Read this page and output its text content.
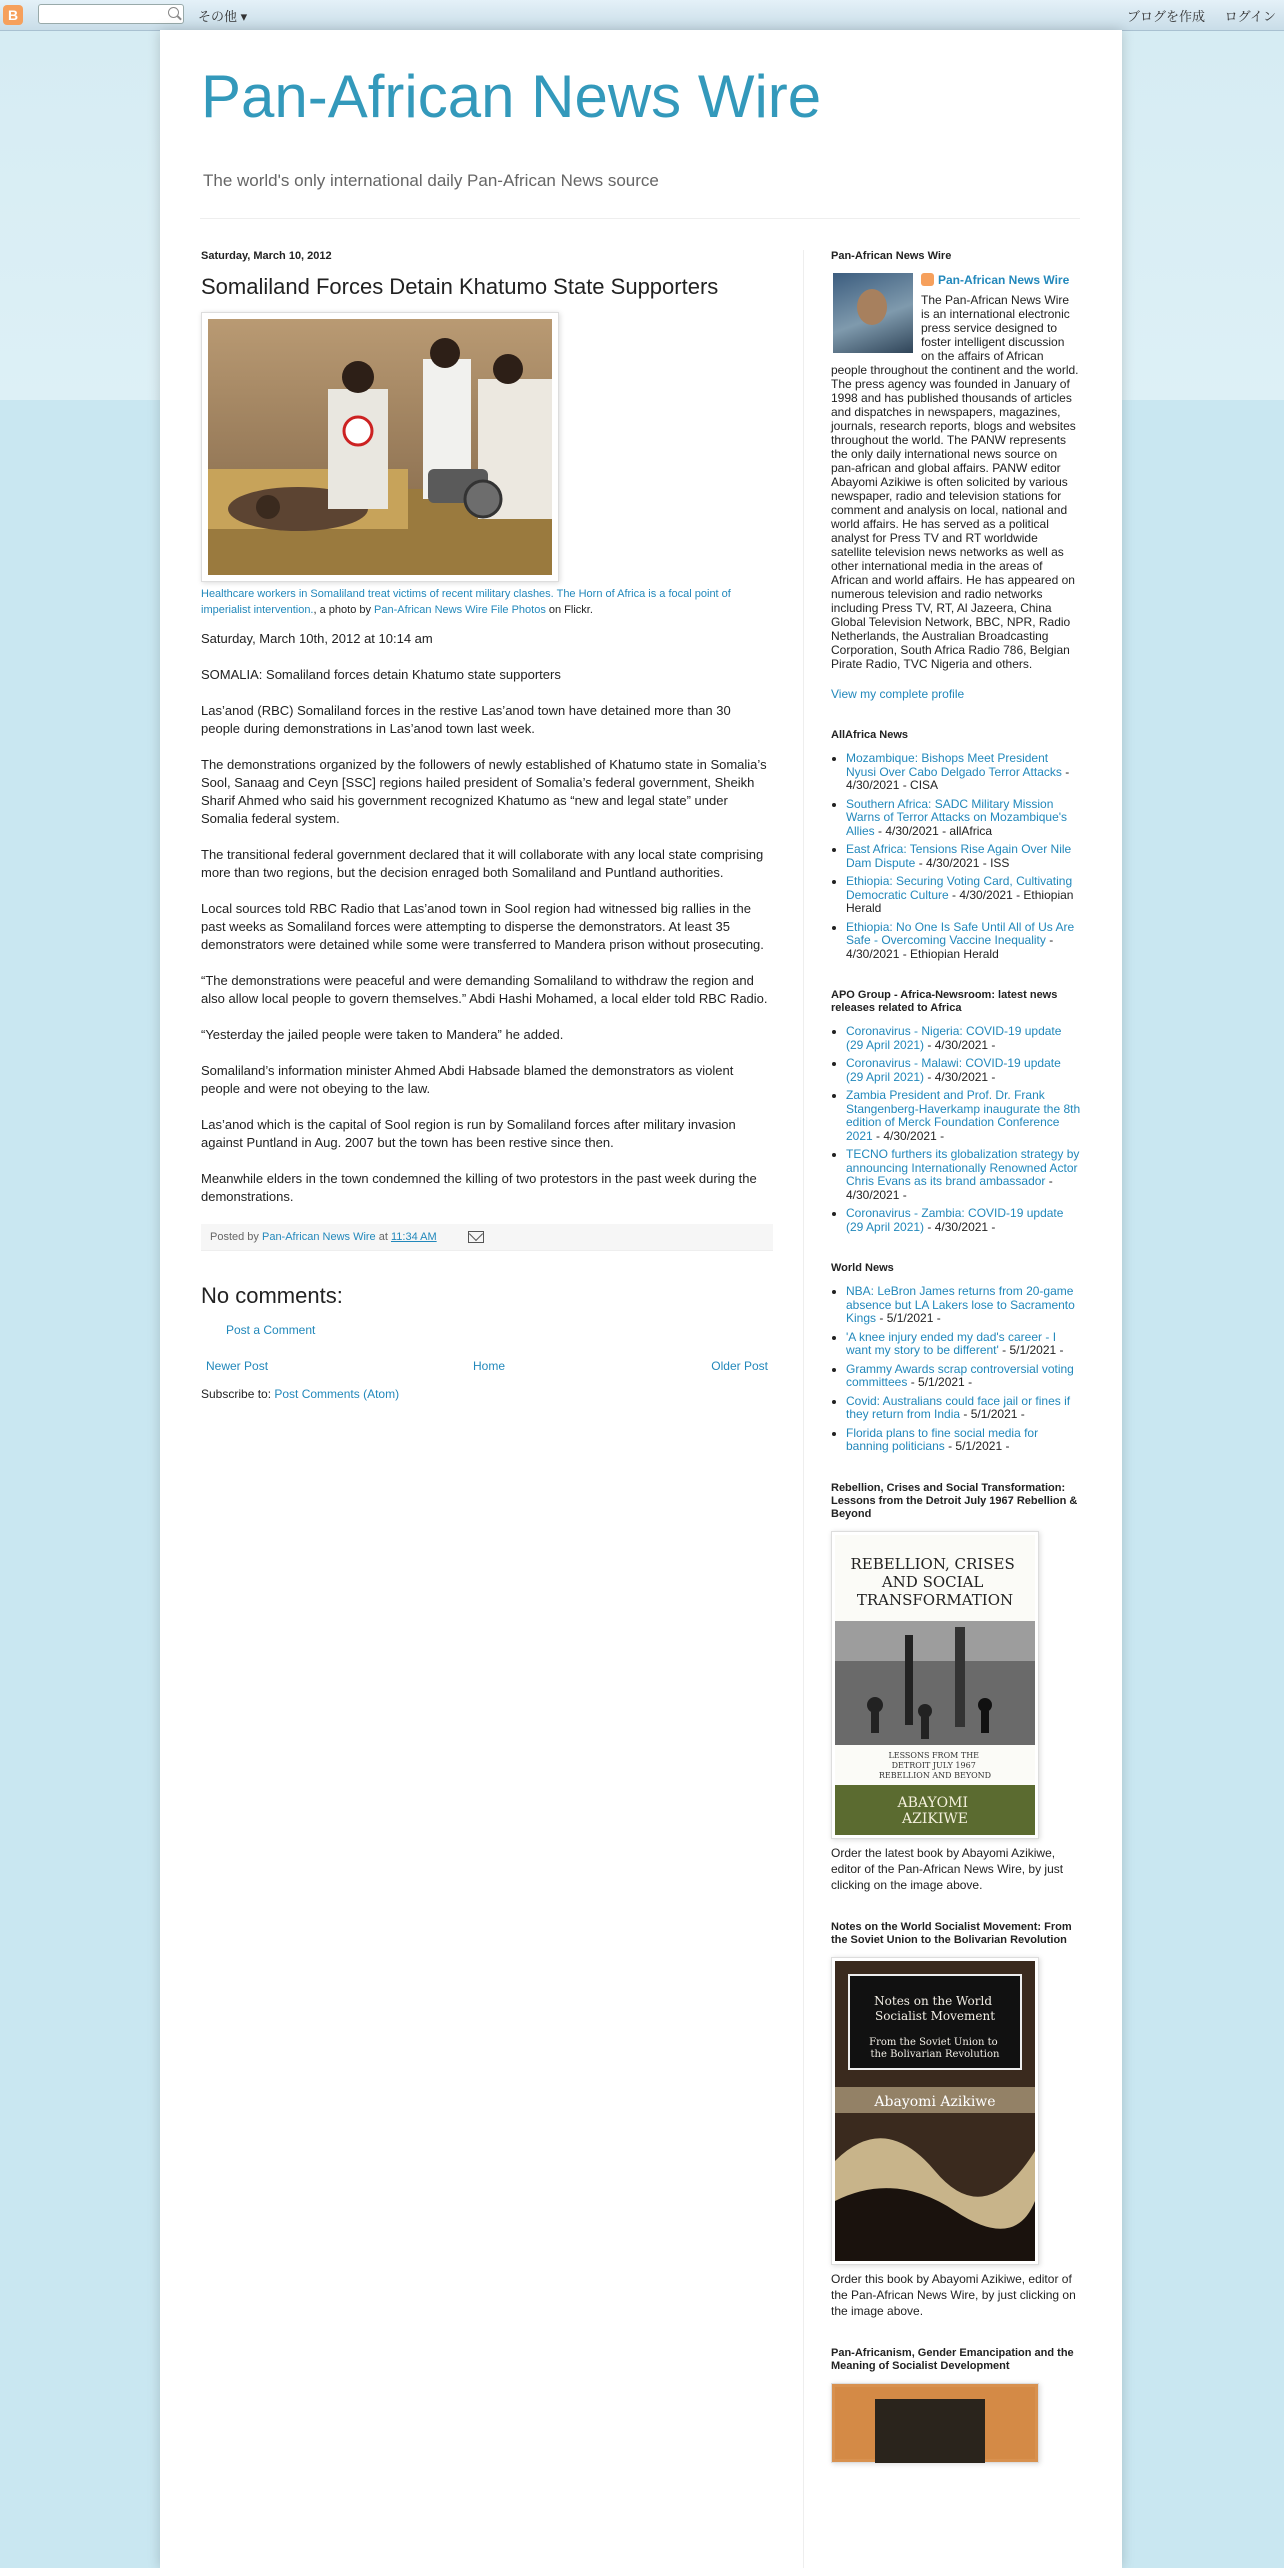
B	その他 ▾	ブログを作成 ログイン
Pan-African News Wire

The world's only international daily Pan-African News source

Saturday, March 10, 2012
Somaliland Forces Detain Khatumo State Supporters

Healthcare workers in Somaliland treat victims of recent military clashes. The Horn of Africa is a focal point of imperialist intervention., a photo by Pan-African News Wire File Photos on Flickr.

Saturday, March 10th, 2012 at 10:14 am

SOMALIA: Somaliland forces detain Khatumo state supporters

Las’anod (RBC) Somaliland forces in the restive Las’anod town have detained more than 30 people during demonstrations in Las’anod town last week.

The demonstrations organized by the followers of newly established of Khatumo state in Somalia’s Sool, Sanaag and Ceyn [SSC] regions hailed president of Somalia’s federal government, Sheikh Sharif Ahmed who said his government recognized Khatumo as “new and legal state” under Somalia federal system.

The transitional federal government declared that it will collaborate with any local state comprising more than two regions, but the decision enraged both Somaliland and Puntland authorities.

Local sources told RBC Radio that Las’anod town in Sool region had witnessed big rallies in the past weeks as Somaliland forces were attempting to disperse the demonstrators. At least 35 demonstrators were detained while some were transferred to Mandera prison without prosecuting.

“The demonstrations were peaceful and were demanding Somaliland to withdraw the region and also allow local people to govern themselves.” Abdi Hashi Mohamed, a local elder told RBC Radio.

“Yesterday the jailed people were taken to Mandera” he added.

Somaliland’s information minister Ahmed Abdi Habsade blamed the demonstrators as violent people and were not obeying to the law.

Las’anod which is the capital of Sool region is run by Somaliland forces after military invasion against Puntland in Aug. 2007 but the town has been restive since then.

Meanwhile elders in the town condemned the killing of two protestors in the past week during the demonstrations.

Posted by Pan-African News Wire at 11:34 AM
No comments:
Post a Comment
Newer Post	Home	Older Post
Subscribe to: Post Comments (Atom)
Pan-African News Wire
Pan-African News Wire

The Pan-African News Wire is an international electronic press service designed to foster intelligent discussion on the affairs of African people throughout the continent and the world. The press agency was founded in January of 1998 and has published thousands of articles and dispatches in newspapers, magazines, journals, research reports, blogs and websites throughout the world. The PANW represents the only daily international news source on pan-african and global affairs. PANW editor Abayomi Azikiwe is often solicited by various newspaper, radio and television stations for comment and analysis on local, national and world affairs. He has served as a political analyst for Press TV and RT worldwide satellite television news networks as well as other international media in the areas of African and world affairs. He has appeared on numerous television and radio networks including Press TV, RT, Al Jazeera, China Global Television Network, BBC, NPR, Radio Netherlands, the Australian Broadcasting Corporation, South Africa Radio 786, Belgian Pirate Radio, TVC Nigeria and others.

View my complete profile
AllAfrica News
• Mozambique: Bishops Meet President Nyusi Over Cabo Delgado Terror Attacks - 4/30/2021 - CISA
• Southern Africa: SADC Military Mission Warns of Terror Attacks on Mozambique's Allies - 4/30/2021 - allAfrica
• East Africa: Tensions Rise Again Over Nile Dam Dispute - 4/30/2021 - ISS
• Ethiopia: Securing Voting Card, Cultivating Democratic Culture - 4/30/2021 - Ethiopian Herald
• Ethiopia: No One Is Safe Until All of Us Are Safe - Overcoming Vaccine Inequality - 4/30/2021 - Ethiopian Herald
APO Group - Africa-Newsroom: latest news releases related to Africa
• Coronavirus - Nigeria: COVID-19 update (29 April 2021) - 4/30/2021 -
• Coronavirus - Malawi: COVID-19 update (29 April 2021) - 4/30/2021 -
• Zambia President and Prof. Dr. Frank Stangenberg-Haverkamp inaugurate the 8th edition of Merck Foundation Conference 2021 - 4/30/2021 -
• TECNO furthers its globalization strategy by announcing Internationally Renowned Actor Chris Evans as its brand ambassador - 4/30/2021 -
• Coronavirus - Zambia: COVID-19 update (29 April 2021) - 4/30/2021 -
World News
• NBA: LeBron James returns from 20-game absence but LA Lakers lose to Sacramento Kings - 5/1/2021 -
• 'A knee injury ended my dad's career - I want my story to be different' - 5/1/2021 -
• Grammy Awards scrap controversial voting committees - 5/1/2021 -
• Covid: Australians could face jail or fines if they return from India - 5/1/2021 -
• Florida plans to fine social media for banning politicians - 5/1/2021 -
Rebellion, Crises and Social Transformation: Lessons from the Detroit July 1967 Rebellion & Beyond
REBELLION, CRISES AND SOCIAL TRANSFORMATION
LESSONS FROM THE DETROIT JULY 1967 REBELLION AND BEYOND
ABAYOMI AZIKIWE

Order the latest book by Abayomi Azikiwe, editor of the Pan-African News Wire, by just clicking on the image above.

Notes on the World Socialist Movement: From the Soviet Union to the Bolivarian Revolution
Notes on the World Socialist Movement
From the Soviet Union to the Bolivarian Revolution
Abayomi Azikiwe

Order this book by Abayomi Azikiwe, editor of the Pan-African News Wire, by just clicking on the image above.

Pan-Africanism, Gender Emancipation and the Meaning of Socialist Development
